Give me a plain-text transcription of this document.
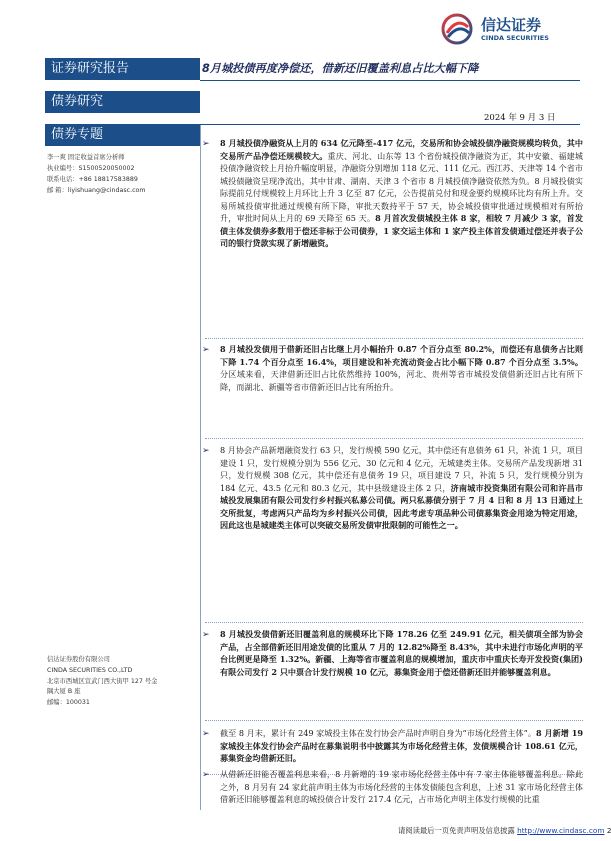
信达证券
CINDA SECURITIES
证券研究报告
债券研究
债券专题
8月城投债再度净偿还，借新还旧覆盖利息占比大幅下降
2024 年 9 月 3 日
李一爽 固定收益首席分析师
执业编号：S1500520050002
联系电话：+86 18817583889
邮 箱：liyishuang@cindasc.com
信达证券股份有限公司
CINDA SECURITIES CO.,LTD
北京市西城区宣武门西大街甲 127 号金
隅大厦 B 座
邮编：100031
➢ 8 月城投债净融资从上月的 634 亿元降至-417 亿元，交易所和协会城投债净融资规模均转负，其中交易所产品净偿还规模较大。重庆、河北、山东等 13 个省份城投债净融资为正，其中安徽、福建城投债净融资较上月抬升幅度明显，净融资分别增加 118 亿元、111 亿元。西江苏、天津等 14 个省市城投债融资呈现净流出，其中甘肃、湖南、天津 3 个省市 8 月城投债净融资依然为负。8 月城投债实际提前兑付规模较上月环比上升 3 亿至 87 亿元，公告提前兑付和现金要约规模环比均有所上升。交易所城投债审批通过规模有所下降，审批天数持平于 57 天，协会城投债审批通过规模相对有所抬升，审批时间从上月的 69 天降至 65 天。8 月首次发债城投主体 8 家，相较 7 月减少 3 家，首发债主体发债券多数用于偿还非标于公司债券，1 家交运主体和 1 家产投主体首发债通过偿还并表子公司的银行贷款实现了新增融资。
➢ 8 月城投发债用于借新还旧占比继上月小幅抬升 0.87 个百分点至 80.2%，而偿还有息债务占比则下降 1.74 个百分点至 16.4%，项目建设和补充流动资金占比小幅下降 0.87 个百分点至 3.5%。分区域来看，天津借新还旧占比依然维持 100%，河北、贵州等省市城投发债借新还旧占比有所下降，而湖北、新疆等省市借新还旧占比有所抬升。
➢ 8 月协会产品新增融资发行 63 只，发行规模 590 亿元，其中偿还有息债务 61 只，补流 1 只，项目建设 1 只，发行规模分别为 556 亿元、30 亿元和 4 亿元，无城建类主体。交易所产品发现新增 31 只，发行规模 308 亿元，其中偿还有息债务 19 只，项目建设 7 只，补流 5 只，发行规模分别为 184 亿元、43.5 亿元和 80.3 亿元，其中县级建设主体 2 只，济南城市投资集团有限公司和许昌市城投发展集团有限公司发行乡村振兴私募公司债。两只私募债分别于 7 月 4 日和 8 月 13 日通过上交所批复，考虑两只产品均为乡村振兴公司债，因此考虑专项品种公司债募集资金用途为特定用途，因此这也是城建类主体可以突破交易所发债审批限制的可能性之一。
➢ 8 月城投发债借新还旧覆盖利息的规模环比下降 178.26 亿至 249.91 亿元，相关债项全部为协会产品，占全部借新还旧用途发债的比重从 7 月的 12.82%降至 8.43%，其中未进行市场化声明的平台比例更是降至 1.32%。新疆、上海等省市覆盖利息的规模增加，重庆市中重庆长寿开发投资(集团)有限公司发行 2 只中票合计发行规模 10 亿元，募集资金用于偿还借新还旧并能够覆盖利息。
➢ 截至 8 月末，累计有 249 家城投主体在发行协会产品时声明自身为“市场化经营主体”。8 月新增 19 家城投主体发行协会产品时在募集说明书中披露其为市场化经营主体，发债规模合计 108.61 亿元，募集资金均借新还旧。
➢ 从借新还旧能否覆盖利息来看，8 月新增的 19 家市场化经营主体中有 7 家主体能够覆盖利息。除此之外，8 月另有 24 家此前声明主体为市场化经营的主体发债能包含利息，上述 31 家市场化经营主体借新还旧能够覆盖利息的城投债合计发行 217.4 亿元，占市场化声明主体发行规模的比重
请阅读最后一页免责声明及信息披露 http://www.cindasc.com 2
